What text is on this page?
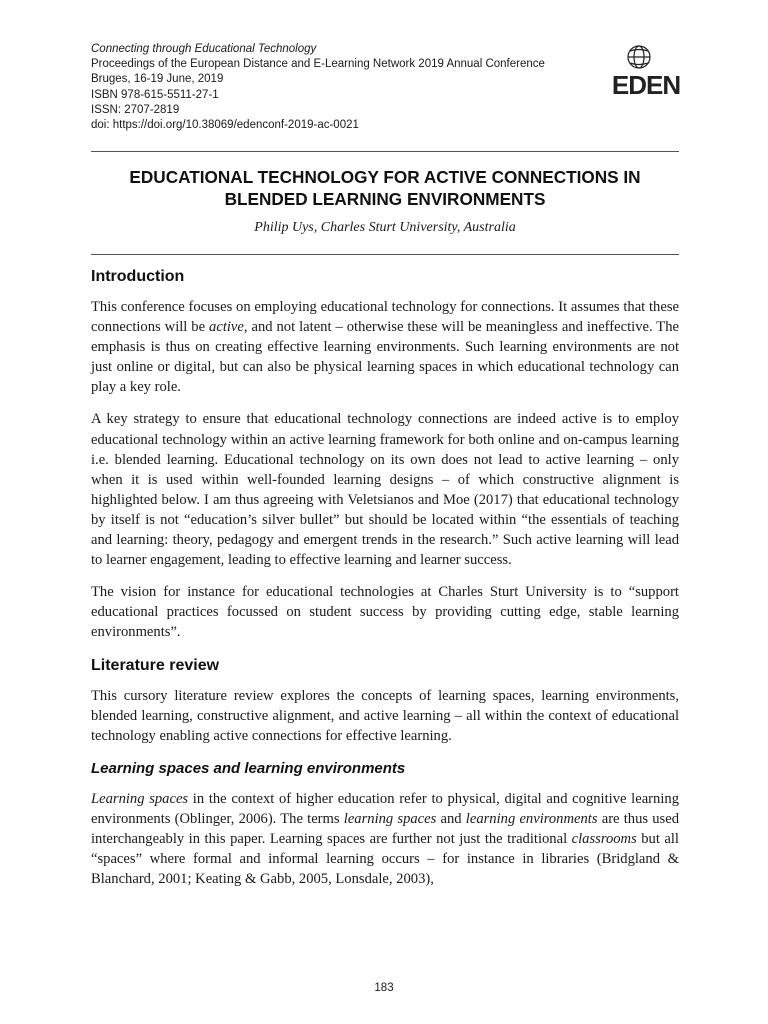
Connecting through Educational Technology
Proceedings of the European Distance and E-Learning Network 2019 Annual Conference
Bruges, 16-19 June, 2019
ISBN 978-615-5511-27-1
ISSN: 2707-2819
doi: https://doi.org/10.38069/edenconf-2019-ac-0021
EDEN
EDUCATIONAL TECHNOLOGY FOR ACTIVE CONNECTIONS IN
BLENDED LEARNING ENVIRONMENTS
Philip Uys, Charles Sturt University, Australia
Introduction

This conference focuses on employing educational technology for connections. It assumes that these connections will be active, and not latent – otherwise these will be meaningless and ineffective. The emphasis is thus on creating effective learning environments. Such learning environments are not just online or digital, but can also be physical learning spaces in which educational technology can play a key role.

A key strategy to ensure that educational technology connections are indeed active is to employ educational technology within an active learning framework for both online and on-campus learning i.e. blended learning. Educational technology on its own does not lead to active learning – only when it is used within well-founded learning designs – of which constructive alignment is highlighted below. I am thus agreeing with Veletsianos and Moe (2017) that educational technology by itself is not “education’s silver bullet” but should be located within “the essentials of teaching and learning: theory, pedagogy and emergent trends in the research.” Such active learning will lead to learner engagement, leading to effective learning and learner success.

The vision for instance for educational technologies at Charles Sturt University is to “support educational practices focussed on student success by providing cutting edge, stable learning environments”.

Literature review

This cursory literature review explores the concepts of learning spaces, learning environments, blended learning, constructive alignment, and active learning – all within the context of educational technology enabling active connections for effective learning.

Learning spaces and learning environments

Learning spaces in the context of higher education refer to physical, digital and cognitive learning environments (Oblinger, 2006). The terms learning spaces and learning environments are thus used interchangeably in this paper. Learning spaces are further not just the traditional classrooms but all “spaces” where formal and informal learning occurs – for instance in libraries (Bridgland & Blanchard, 2001; Keating & Gabb, 2005, Lonsdale, 2003),

183
